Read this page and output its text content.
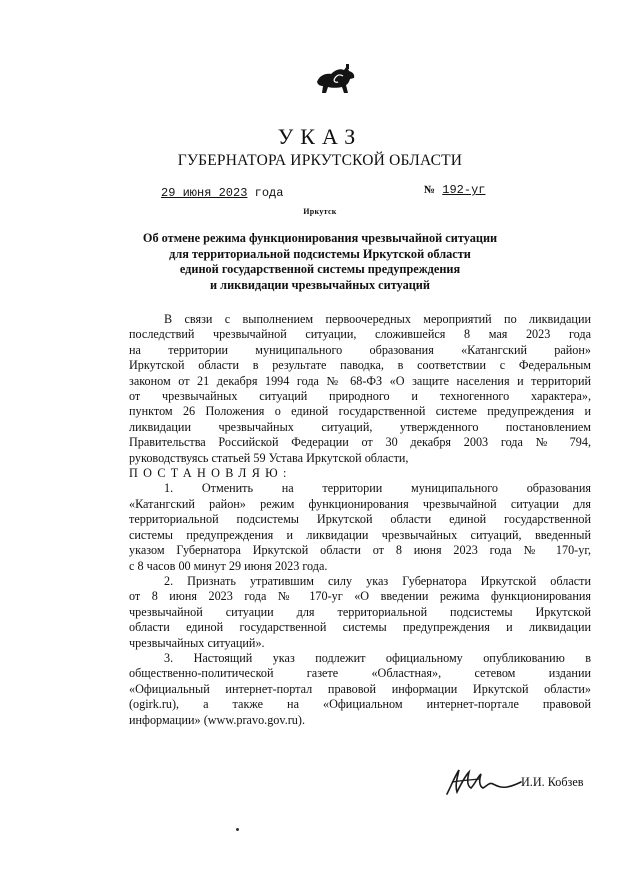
УКАЗ
ГУБЕРНАТОРА ИРКУТСКОЙ ОБЛАСТИ
29 июня 2023 года	№ 192-уг
Иркутск
Об отмене режима функционирования чрезвычайной ситуации
для территориальной подсистемы Иркутской области
единой государственной системы предупреждения
и ликвидации чрезвычайных ситуаций

В связи с выполнением первоочередных мероприятий по ликвидации

последствий чрезвычайной ситуации, сложившейся 8 мая 2023 года

на территории муниципального образования «Катангский район»

Иркутской области в результате паводка, в соответствии с Федеральным

законом от 21 декабря 1994 года № 68-ФЗ «О защите населения и территорий

от чрезвычайных ситуаций природного и техногенного характера»,

пунктом 26 Положения о единой государственной системе предупреждения и

ликвидации чрезвычайных ситуаций, утвержденного постановлением

Правительства Российской Федерации от 30 декабря 2003 года № 794,

руководствуясь статьей 59 Устава Иркутской области,

ПОСТАНОВЛЯЮ:

1. Отменить на территории муниципального образования

«Катангский район» режим функционирования чрезвычайной ситуации для

территориальной подсистемы Иркутской области единой государственной

системы предупреждения и ликвидации чрезвычайных ситуаций, введенный

указом Губернатора Иркутской области от 8 июня 2023 года № 170-уг,

с 8 часов 00 минут 29 июня 2023 года.

2. Признать утратившим силу указ Губернатора Иркутской области

от 8 июня 2023 года № 170-уг «О введении режима функционирования

чрезвычайной ситуации для территориальной подсистемы Иркутской

области единой государственной системы предупреждения и ликвидации

чрезвычайных ситуаций».

3. Настоящий указ подлежит официальному опубликованию в

общественно-политической газете «Областная», сетевом издании

«Официальный интернет-портал правовой информации Иркутской области»

(ogirk.ru), а также на «Официальном интернет-портале правовой

информации» (www.pravo.gov.ru).

И.И. Кобзев
